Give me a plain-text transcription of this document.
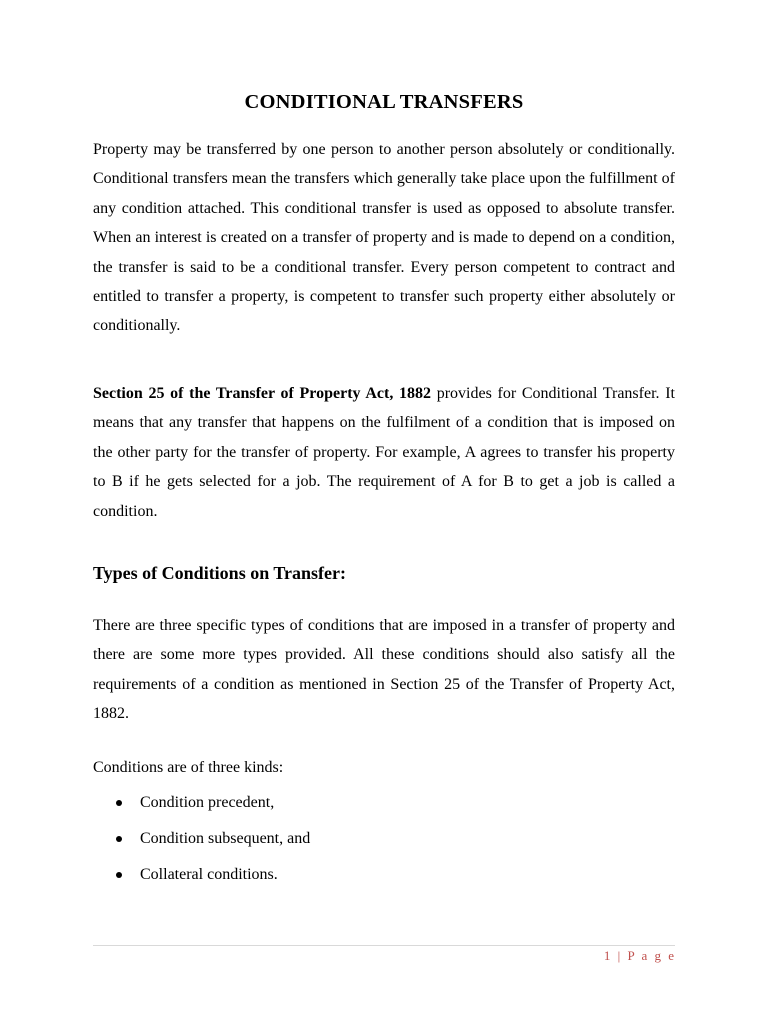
CONDITIONAL TRANSFERS

Property may be transferred by one person to another person absolutely or conditionally. Conditional transfers mean the transfers which generally take place upon the fulfillment of any condition attached. This conditional transfer is used as opposed to absolute transfer. When an interest is created on a transfer of property and is made to depend on a condition, the transfer is said to be a conditional transfer. Every person competent to contract and entitled to transfer a property, is competent to transfer such property either absolutely or conditionally.

Section 25 of the Transfer of Property Act, 1882 provides for Conditional Transfer. It means that any transfer that happens on the fulfilment of a condition that is imposed on the other party for the transfer of property. For example, A agrees to transfer his property to B if he gets selected for a job. The requirement of A for B to get a job is called a condition.

Types of Conditions on Transfer:

There are three specific types of conditions that are imposed in a transfer of property and there are some more types provided. All these conditions should also satisfy all the requirements of a condition as mentioned in Section 25 of the Transfer of Property Act, 1882.

Conditions are of three kinds:

Condition precedent,
Condition subsequent, and
Collateral conditions.
1 | P a g e
